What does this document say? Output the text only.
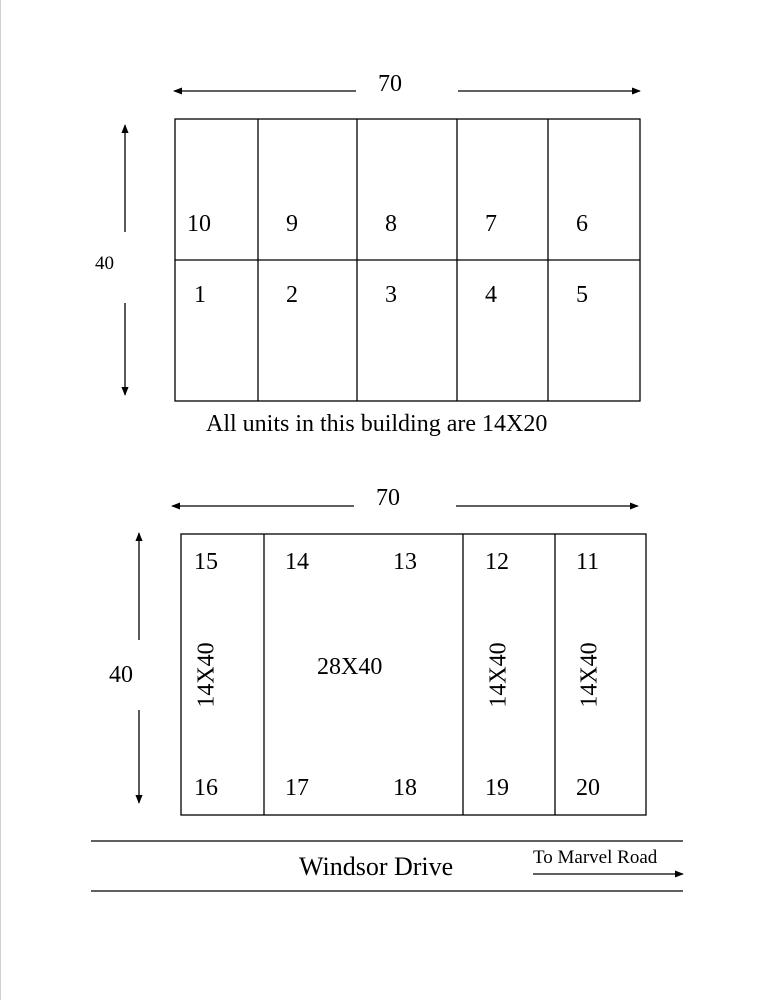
70
40
10	9	8	7	6
1	2	3	4	5
All units in this building are 14X20
70
40
15	14	13	12	11
16	17	18	19	20
28X40
14X40	14X40	14X40
Windsor Drive	To Marvel Road
